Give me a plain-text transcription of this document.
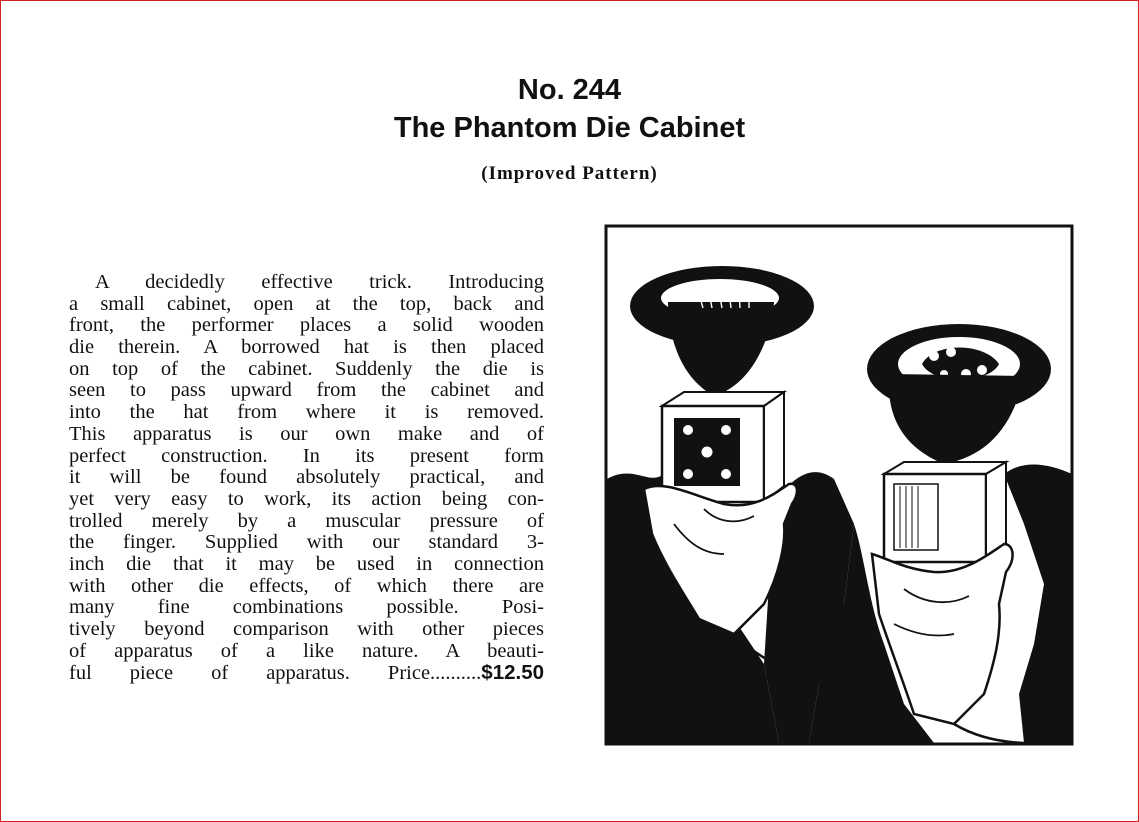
No. 244
The Phantom Die Cabinet
(Improved Pattern)
A decidedly effective trick. Introducing
a small cabinet, open at the top, back and
front, the performer places a solid wooden
die therein. A borrowed hat is then placed
on top of the cabinet. Suddenly the die is
seen to pass upward from the cabinet and
into the hat from where it is removed.
This apparatus is our own make and of
perfect construction. In its present form
it will be found absolutely practical, and
yet very easy to work, its action being con-
trolled merely by a muscular pressure of
the finger. Supplied with our standard 3-
inch die that it may be used in connection
with other die effects, of which there are
many fine combinations possible. Posi-
tively beyond comparison with other pieces
of apparatus of a like nature. A beauti-
ful piece of apparatus. Price..........$12.50
